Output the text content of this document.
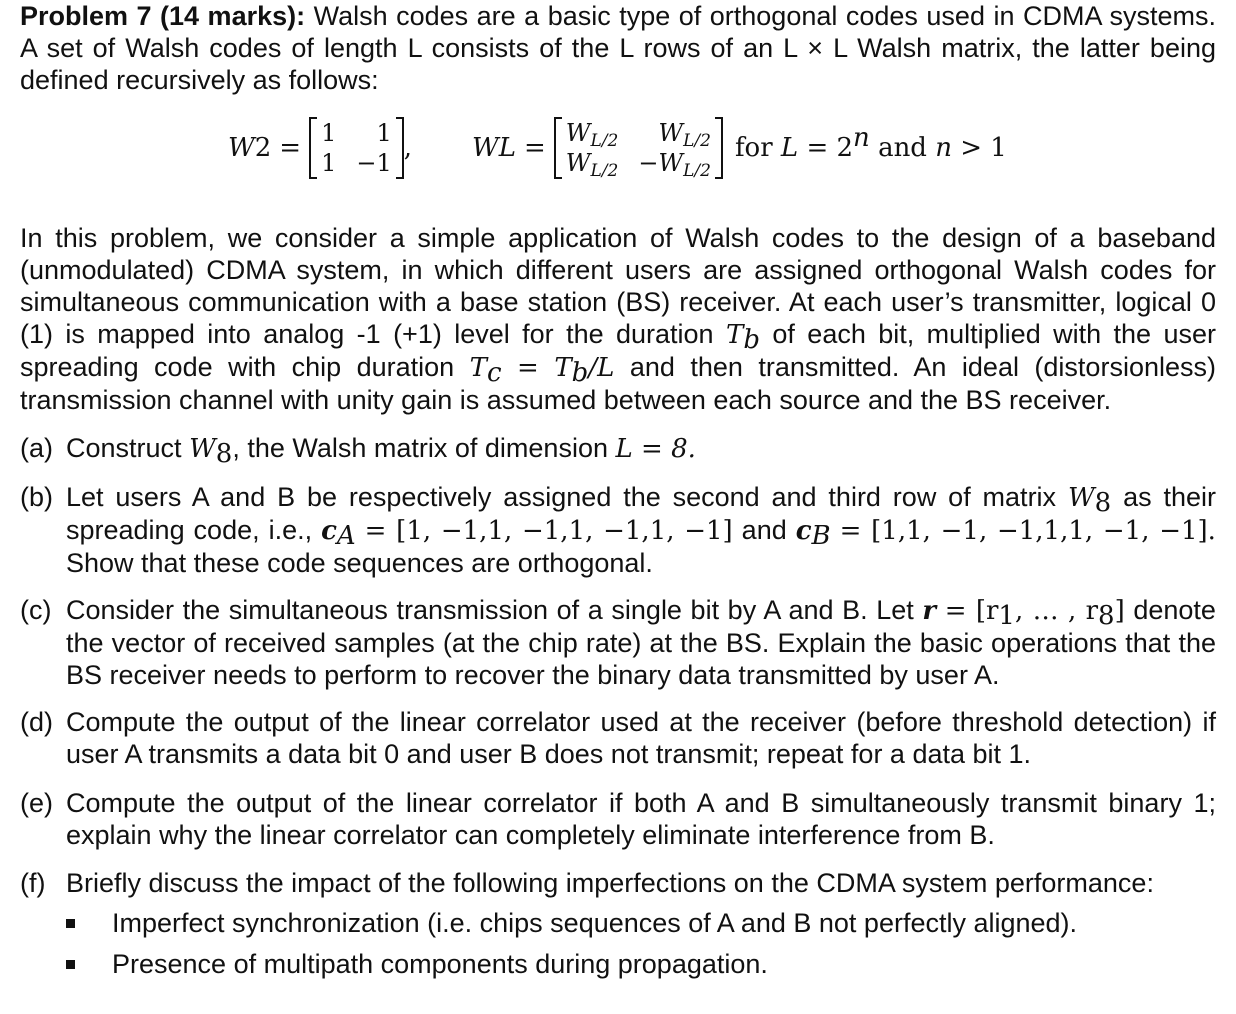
Problem 7 (14 marks): Walsh codes are a basic type of orthogonal codes used in CDMA systems. A set of Walsh codes of length L consists of the L rows of an L × L Walsh matrix, the latter being defined recursively as follows:

W 2 = 1	1
1 −1 , W $L = W_{L/2}$	$W_{L/2}$
$W_{L/2} -W_{L/2}$
for $L = 2^n$ and n > 1

In this problem, we consider a simple application of Walsh codes to the design of a baseband (unmodulated) CDMA system, in which different users are assigned orthogonal Walsh codes for simultaneous communication with a base station (BS) receiver. At each user’s transmitter, logical 0 (1) is mapped into analog -1 (+1) level for the duration $T_b$ of each bit, multiplied with the user spreading code with chip duration $T_c = T_b/L$ and then transmitted. An ideal (distorsionless) transmission channel with unity gain is assumed between each source and the BS receiver.

(a) Construct $W_8$, the Walsh matrix of dimension L = 8.
(b) Let users A and B be respectively assigned the second and third row of matrix $W_8$ as their spreading code, i.e., $c_A = [1$, −1,1, −1,1, −1,1, −1] and $c_B = [1,1$, −1, −1,1,1, −1, −1]. Show that these code sequences are orthogonal.
(c) Consider the simultaneous transmission of a single bit by A and B. Let $r = [r_1$, … , $r_8$] denote the vector of received samples (at the chip rate) at the BS. Explain the basic operations that the BS receiver needs to perform to recover the binary data transmitted by user A.
(d) Compute the output of the linear correlator used at the receiver (before threshold detection) if user A transmits a data bit 0 and user B does not transmit; repeat for a data bit 1.
(e) Compute the output of the linear correlator if both A and B simultaneously transmit binary 1; explain why the linear correlator can completely eliminate interference from B.
(f) Briefly discuss the impact of the following imperfections on the CDMA system performance:
Imperfect synchronization (i.e. chips sequences of A and B not perfectly aligned).
Presence of multipath components during propagation.
